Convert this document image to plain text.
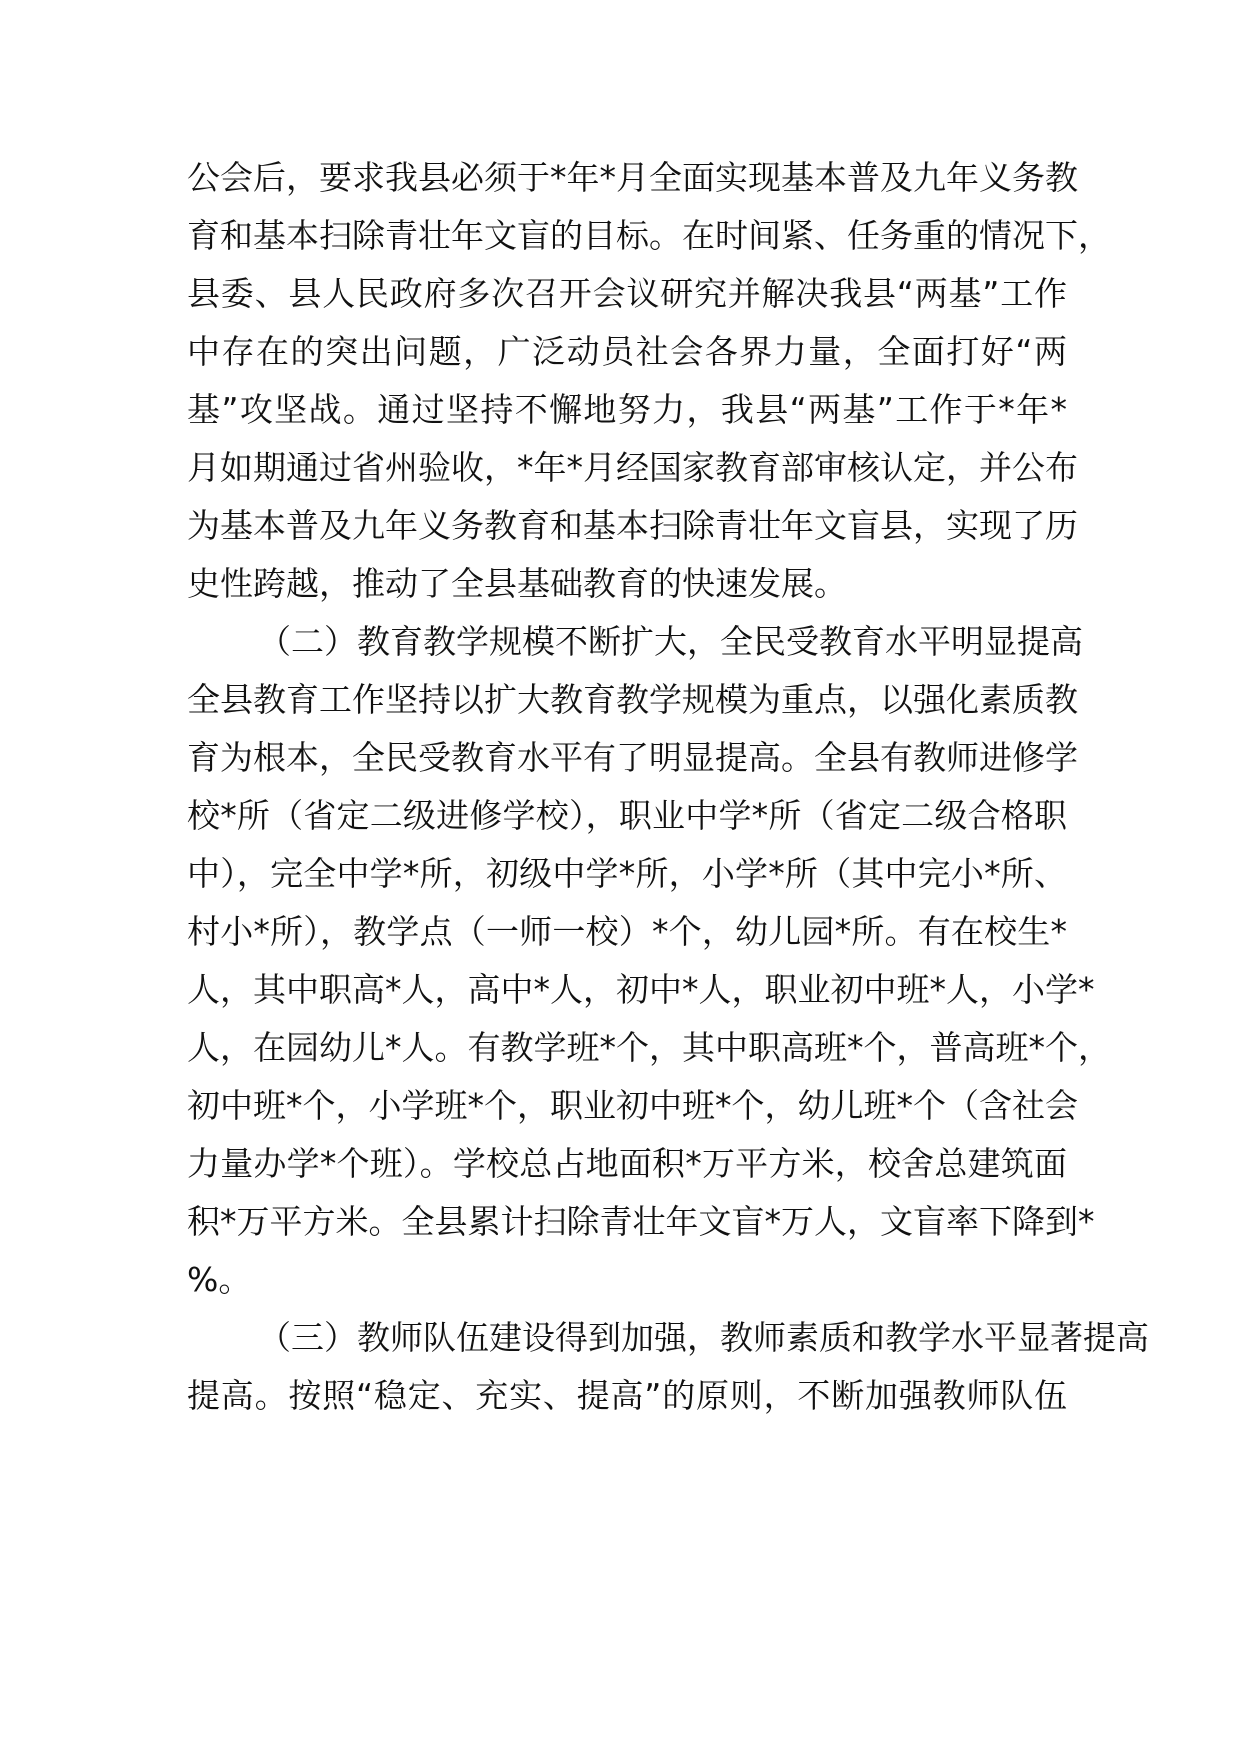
公会后，要求我县必须于*年*月全面实现基本普及九年义务教
育和基本扫除青壮年文盲的目标。在时间紧、任务重的情况下，
县委、县人民政府多次召开会议研究并解决我县“两基”工作
中存在的突出问题，广泛动员社会各界力量，全面打好“两
基”攻坚战。通过坚持不懈地努力，我县“两基”工作于*年*
月如期通过省州验收，*年*月经国家教育部审核认定，并公布
为基本普及九年义务教育和基本扫除青壮年文盲县，实现了历
史性跨越，推动了全县基础教育的快速发展。
（二）教育教学规模不断扩大，全民受教育水平明显提高
全县教育工作坚持以扩大教育教学规模为重点，以强化素质教
育为根本，全民受教育水平有了明显提高。全县有教师进修学
校*所（省定二级进修学校），职业中学*所（省定二级合格职
中），完全中学*所，初级中学*所，小学*所（其中完小*所、
村小*所），教学点（一师一校）*个，幼儿园*所。有在校生*
人，其中职高*人，高中*人，初中*人，职业初中班*人，小学*
人，在园幼儿*人。有教学班*个，其中职高班*个，普高班*个，
初中班*个，小学班*个，职业初中班*个，幼儿班*个（含社会
力量办学*个班）。学校总占地面积*万平方米，校舍总建筑面
积*万平方米。全县累计扫除青壮年文盲*万人，文盲率下降到*
%。
（三）教师队伍建设得到加强，教师素质和教学水平显著提高
提高。按照“稳定、充实、提高”的原则，不断加强教师队伍
